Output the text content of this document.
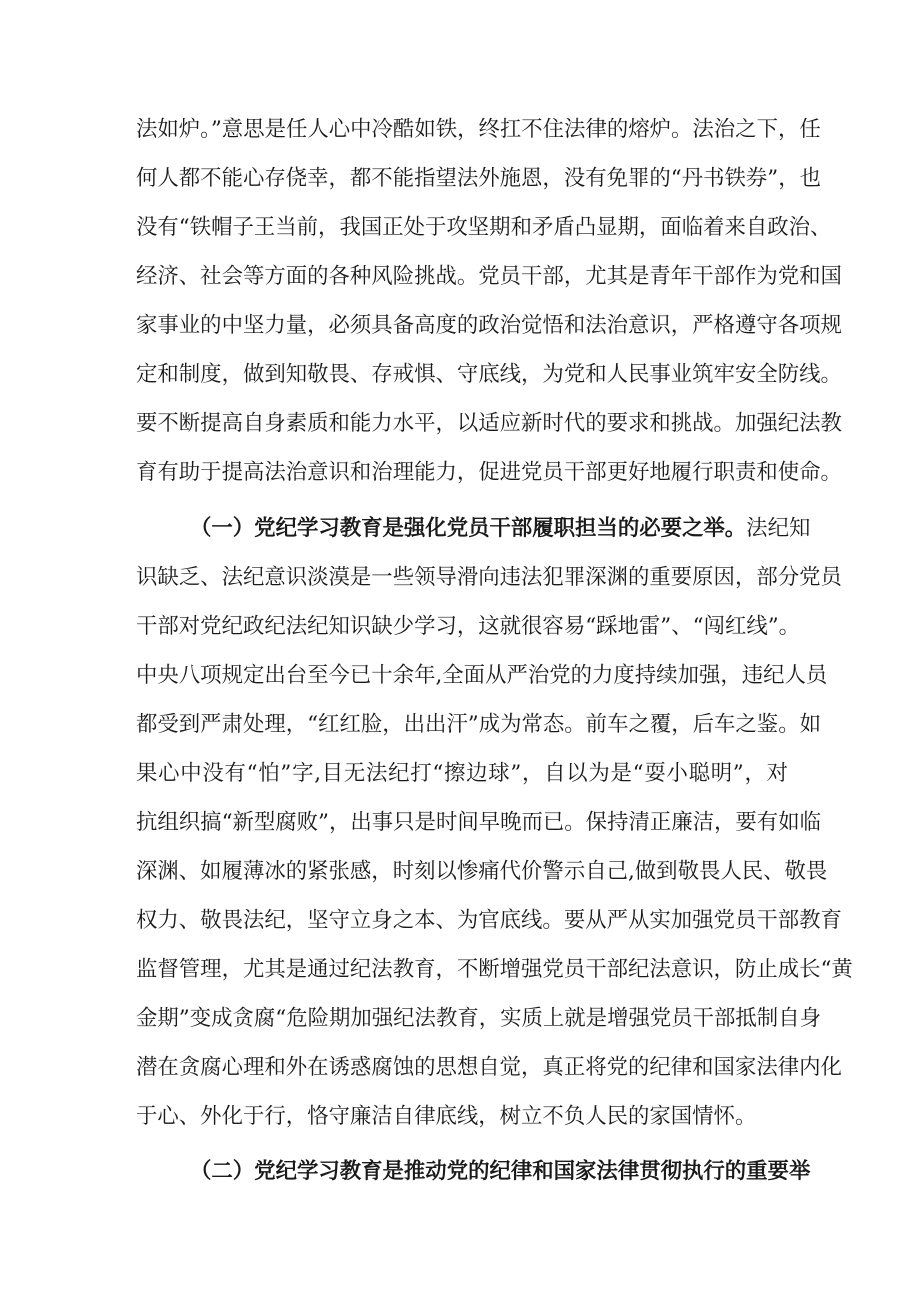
法如炉。”意思是任人心中冷酷如铁，终扛不住法律的熔炉。法治之下，任
何人都不能心存侥幸，都不能指望法外施恩，没有免罪的“丹书铁券”，也
没有“铁帽子王当前，我国正处于攻坚期和矛盾凸显期，面临着来自政治、
经济、社会等方面的各种风险挑战。党员干部，尤其是青年干部作为党和国
家事业的中坚力量，必须具备高度的政治觉悟和法治意识，严格遵守各项规
定和制度，做到知敬畏、存戒惧、守底线，为党和人民事业筑牢安全防线。
要不断提高自身素质和能力水平，以适应新时代的要求和挑战。加强纪法教
育有助于提高法治意识和治理能力，促进党员干部更好地履行职责和使命。
（一）党纪学习教育是强化党员干部履职担当的必要之举。法纪知
识缺乏、法纪意识淡漠是一些领导滑向违法犯罪深渊的重要原因，部分党员
干部对党纪政纪法纪知识缺少学习，这就很容易“踩地雷”、“闯红线”。
中央八项规定出台至今已十余年,全面从严治党的力度持续加强，违纪人员
都受到严肃处理，“红红脸，出出汗”成为常态。前车之覆，后车之鉴。如
果心中没有“怕”字,目无法纪打“擦边球”，自以为是“耍小聪明”，对
抗组织搞“新型腐败”，出事只是时间早晚而已。保持清正廉洁，要有如临
深渊、如履薄冰的紧张感，时刻以惨痛代价警示自己,做到敬畏人民、敬畏
权力、敬畏法纪，坚守立身之本、为官底线。要从严从实加强党员干部教育
监督管理，尤其是通过纪法教育，不断增强党员干部纪法意识，防止成长“黄
金期”变成贪腐“危险期加强纪法教育，实质上就是增强党员干部抵制自身
潜在贪腐心理和外在诱惑腐蚀的思想自觉，真正将党的纪律和国家法律内化
于心、外化于行，恪守廉洁自律底线，树立不负人民的家国情怀。
（二）党纪学习教育是推动党的纪律和国家法律贯彻执行的重要举
